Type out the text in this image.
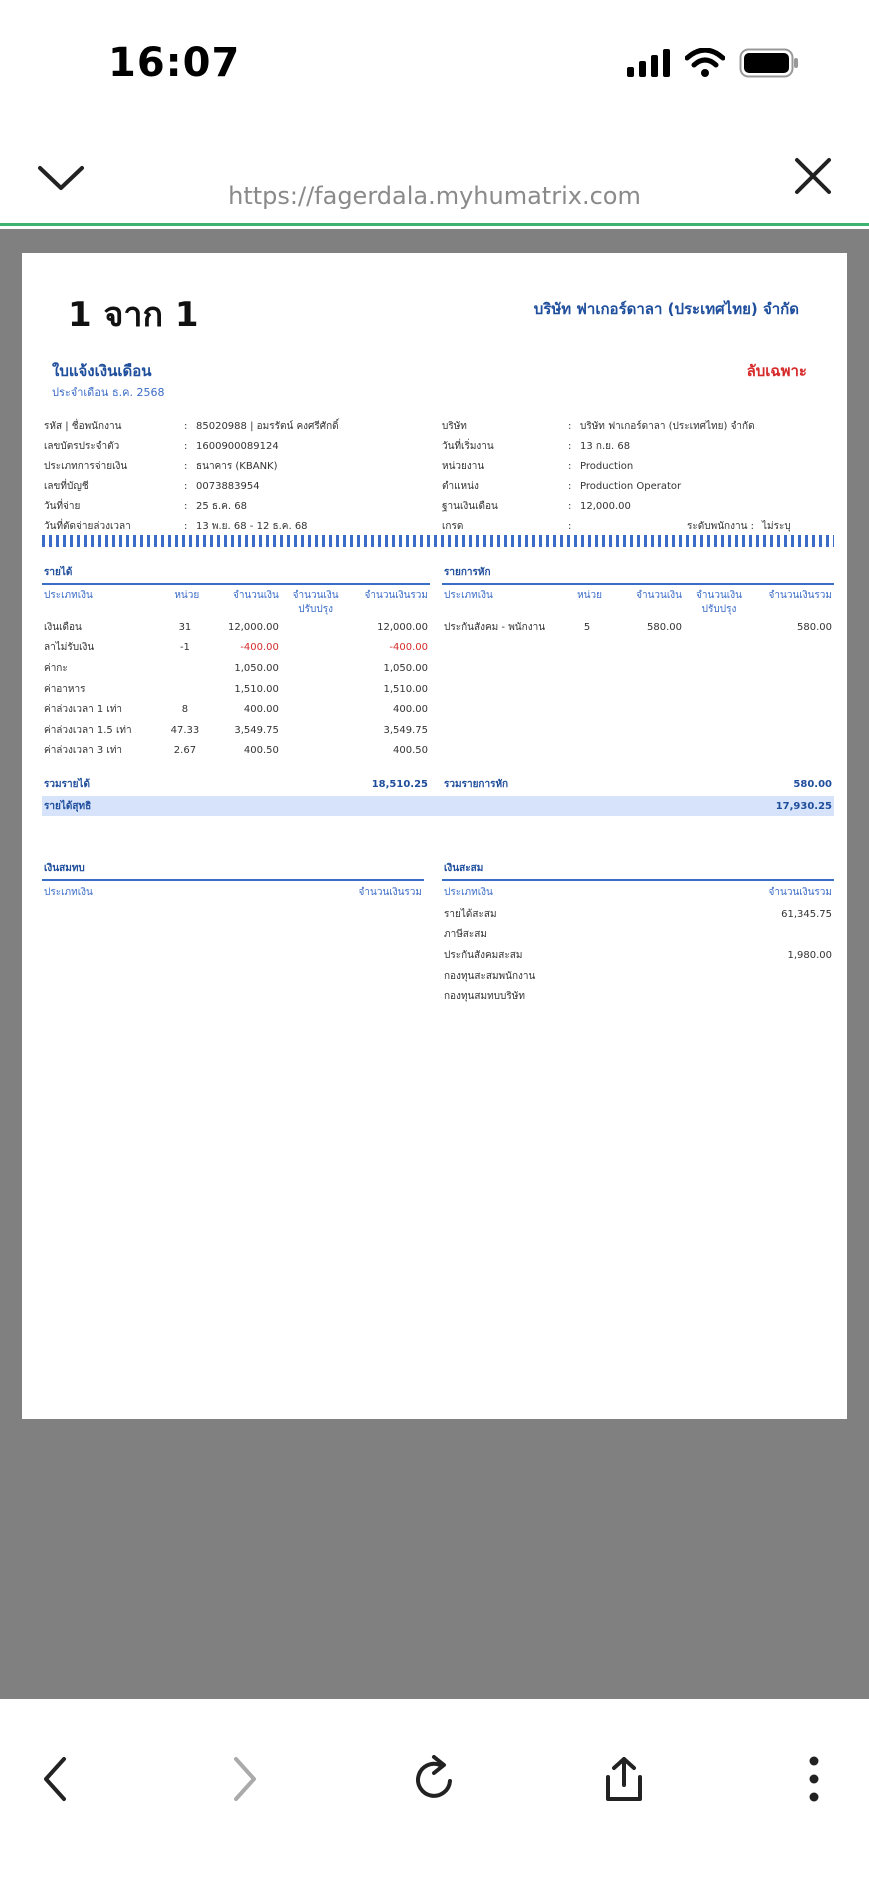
16:07
https://fagerdala.myhumatrix.com
1 จาก 1	บริษัท ฟาเกอร์ดาลา (ประเทศไทย) จำกัด
ใบแจ้งเงินเดือน
ประจำเดือน ธ.ค. 2568
ลับเฉพาะ
รหัส | ชื่อพนักงาน	: 85020988 | อมรรัตน์ คงศรีศักดิ์
เลขบัตรประจำตัว	: 1600900089124
ประเภทการจ่ายเงิน	: ธนาคาร (KBANK)
เลขที่บัญชี	: 0073883954
วันที่จ่าย	: 25 ธ.ค. 68
วันที่ตัดจ่ายล่วงเวลา	: 13 พ.ย. 68 - 12 ธ.ค. 68
บริษัท	: บริษัท ฟาเกอร์ดาลา (ประเทศไทย) จำกัด
วันที่เริ่มงาน	: 13 ก.ย. 68
หน่วยงาน	: Production
ตำแหน่ง	: Production Operator
ฐานเงินเดือน	: 12,000.00
เกรด	:	ระดับพนักงาน : ไม่ระบุ
รายได้
ประเภทเงิน	หน่วย	จำนวนเงิน	จำนวนเงิน
ปรับปรุง	จำนวนเงินรวม
เงินเดือน	31	12,000.00		12,000.00
ลาไม่รับเงิน	-1	-400.00		-400.00
ค่ากะ		1,050.00		1,050.00
ค่าอาหาร		1,510.00		1,510.00
ค่าล่วงเวลา 1 เท่า	8	400.00		400.00
ค่าล่วงเวลา 1.5 เท่า	47.33	3,549.75		3,549.75
ค่าล่วงเวลา 3 เท่า	2.67	400.50		400.50
รายการหัก
ประเภทเงิน	หน่วย	จำนวนเงิน	จำนวนเงิน
ปรับปรุง	จำนวนเงินรวม
ประกันสังคม - พนักงาน	5	580.00		580.00
รวมรายได้	18,510.25 รวมรายการหัก	580.00
รายได้สุทธิ	17,930.25
เงินสมทบ
ประเภทเงิน	จำนวนเงินรวม
เงินสะสม
ประเภทเงิน	จำนวนเงินรวม
รายได้สะสม	61,345.75
ภาษีสะสม
ประกันสังคมสะสม	1,980.00
กองทุนสะสมพนักงาน
กองทุนสมทบบริษัท
